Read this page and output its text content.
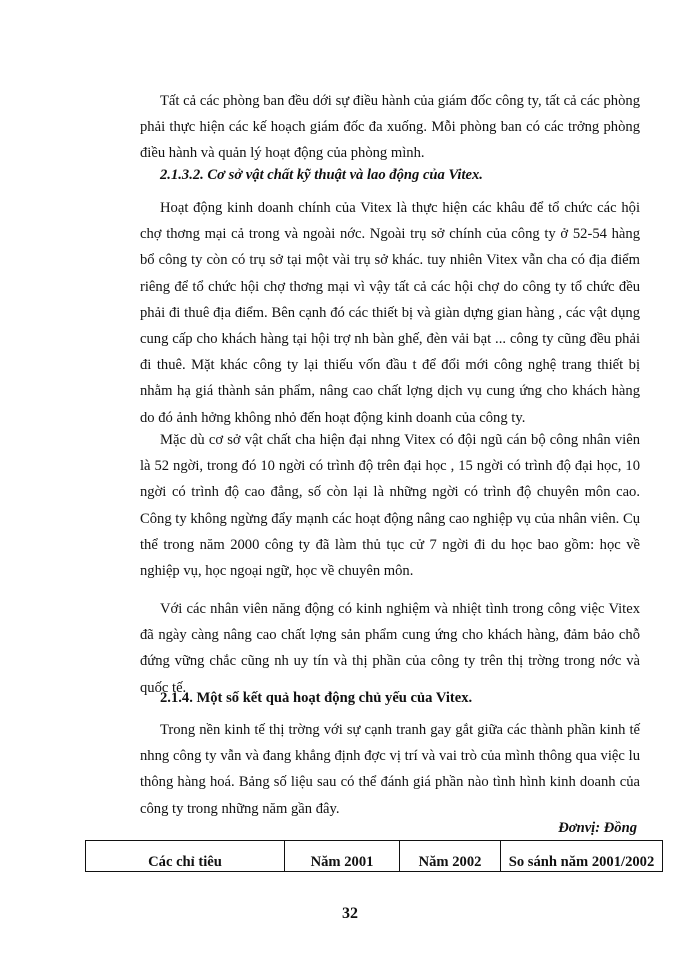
Tất cả các phòng ban đều dới sự điều hành của giám đốc công ty, tất cả các phòng phải thực hiện các kế hoạch giám đốc đa xuống. Mỗi phòng ban có các trởng phòng điều hành và quản lý hoạt động của phòng mình.

2.1.3.2. Cơ sở vật chất kỹ thuật và lao động của Vitex.

Hoạt động kinh doanh chính của Vitex là thực hiện các khâu để tổ chức các hội chợ thơng mại cả trong và ngoài nớc. Ngoài trụ sở chính của công ty ở 52-54 hàng bổ công ty còn có trụ sở tại một vài trụ sở khác. tuy nhiên Vitex vẫn cha có địa điểm riêng để tổ chức hội chợ thơng mại vì vậy tất cả các hội chợ do công ty tổ chức đều phải đi thuê địa điểm. Bên cạnh đó các thiết bị và giàn dựng gian hàng , các vật dụng cung cấp cho khách hàng tại hội trợ nh bàn ghế, đèn vải bạt ... công ty cũng đều phải đi thuê. Mặt khác công ty lại thiếu vốn đầu t để đổi mới công nghệ trang thiết bị nhằm hạ giá thành sản phẩm, nâng cao chất lợng dịch vụ cung ứng cho khách hàng do đó ảnh hởng không nhỏ đến hoạt động kinh doanh của công ty.

Mặc dù cơ sở vật chất cha hiện đại nhng Vitex có đội ngũ cán bộ công nhân viên là 52 ngời, trong đó 10 ngời có trình độ trên đại học , 15 ngời có trình độ đại học, 10 ngời có trình độ cao đẳng, số còn lại là những ngời có trình độ chuyên môn cao. Công ty không ngừng đẩy mạnh các hoạt động nâng cao nghiệp vụ của nhân viên. Cụ thể trong năm 2000 công ty đã làm thủ tục cử 7 ngời đi du học bao gồm: học về nghiệp vụ, học ngoại ngữ, học về chuyên môn.

Với các nhân viên năng động có kinh nghiệm và nhiệt tình trong công việc Vitex đã ngày càng nâng cao chất lợng sản phẩm cung ứng cho khách hàng, đảm bảo chỗ đứng vững chắc cũng nh uy tín và thị phần của công ty trên thị trờng trong nớc và quốc tế.

2.1.4. Một số kết quả hoạt động chủ yếu của Vitex.

Trong nền kinh tế thị trờng với sự cạnh tranh gay gắt giữa các thành phần kinh tế nhng công ty vẫn và đang khẳng định đợc vị trí và vai trò của mình thông qua việc lu thông hàng hoá. Bảng số liệu sau có thể đánh giá phần nào tình hình kinh doanh của công ty trong những năm gần đây.

Đơnvị: Đồng
Các chỉ tiêu	Năm 2001	Năm 2002	So sánh năm 2001/2002
32
